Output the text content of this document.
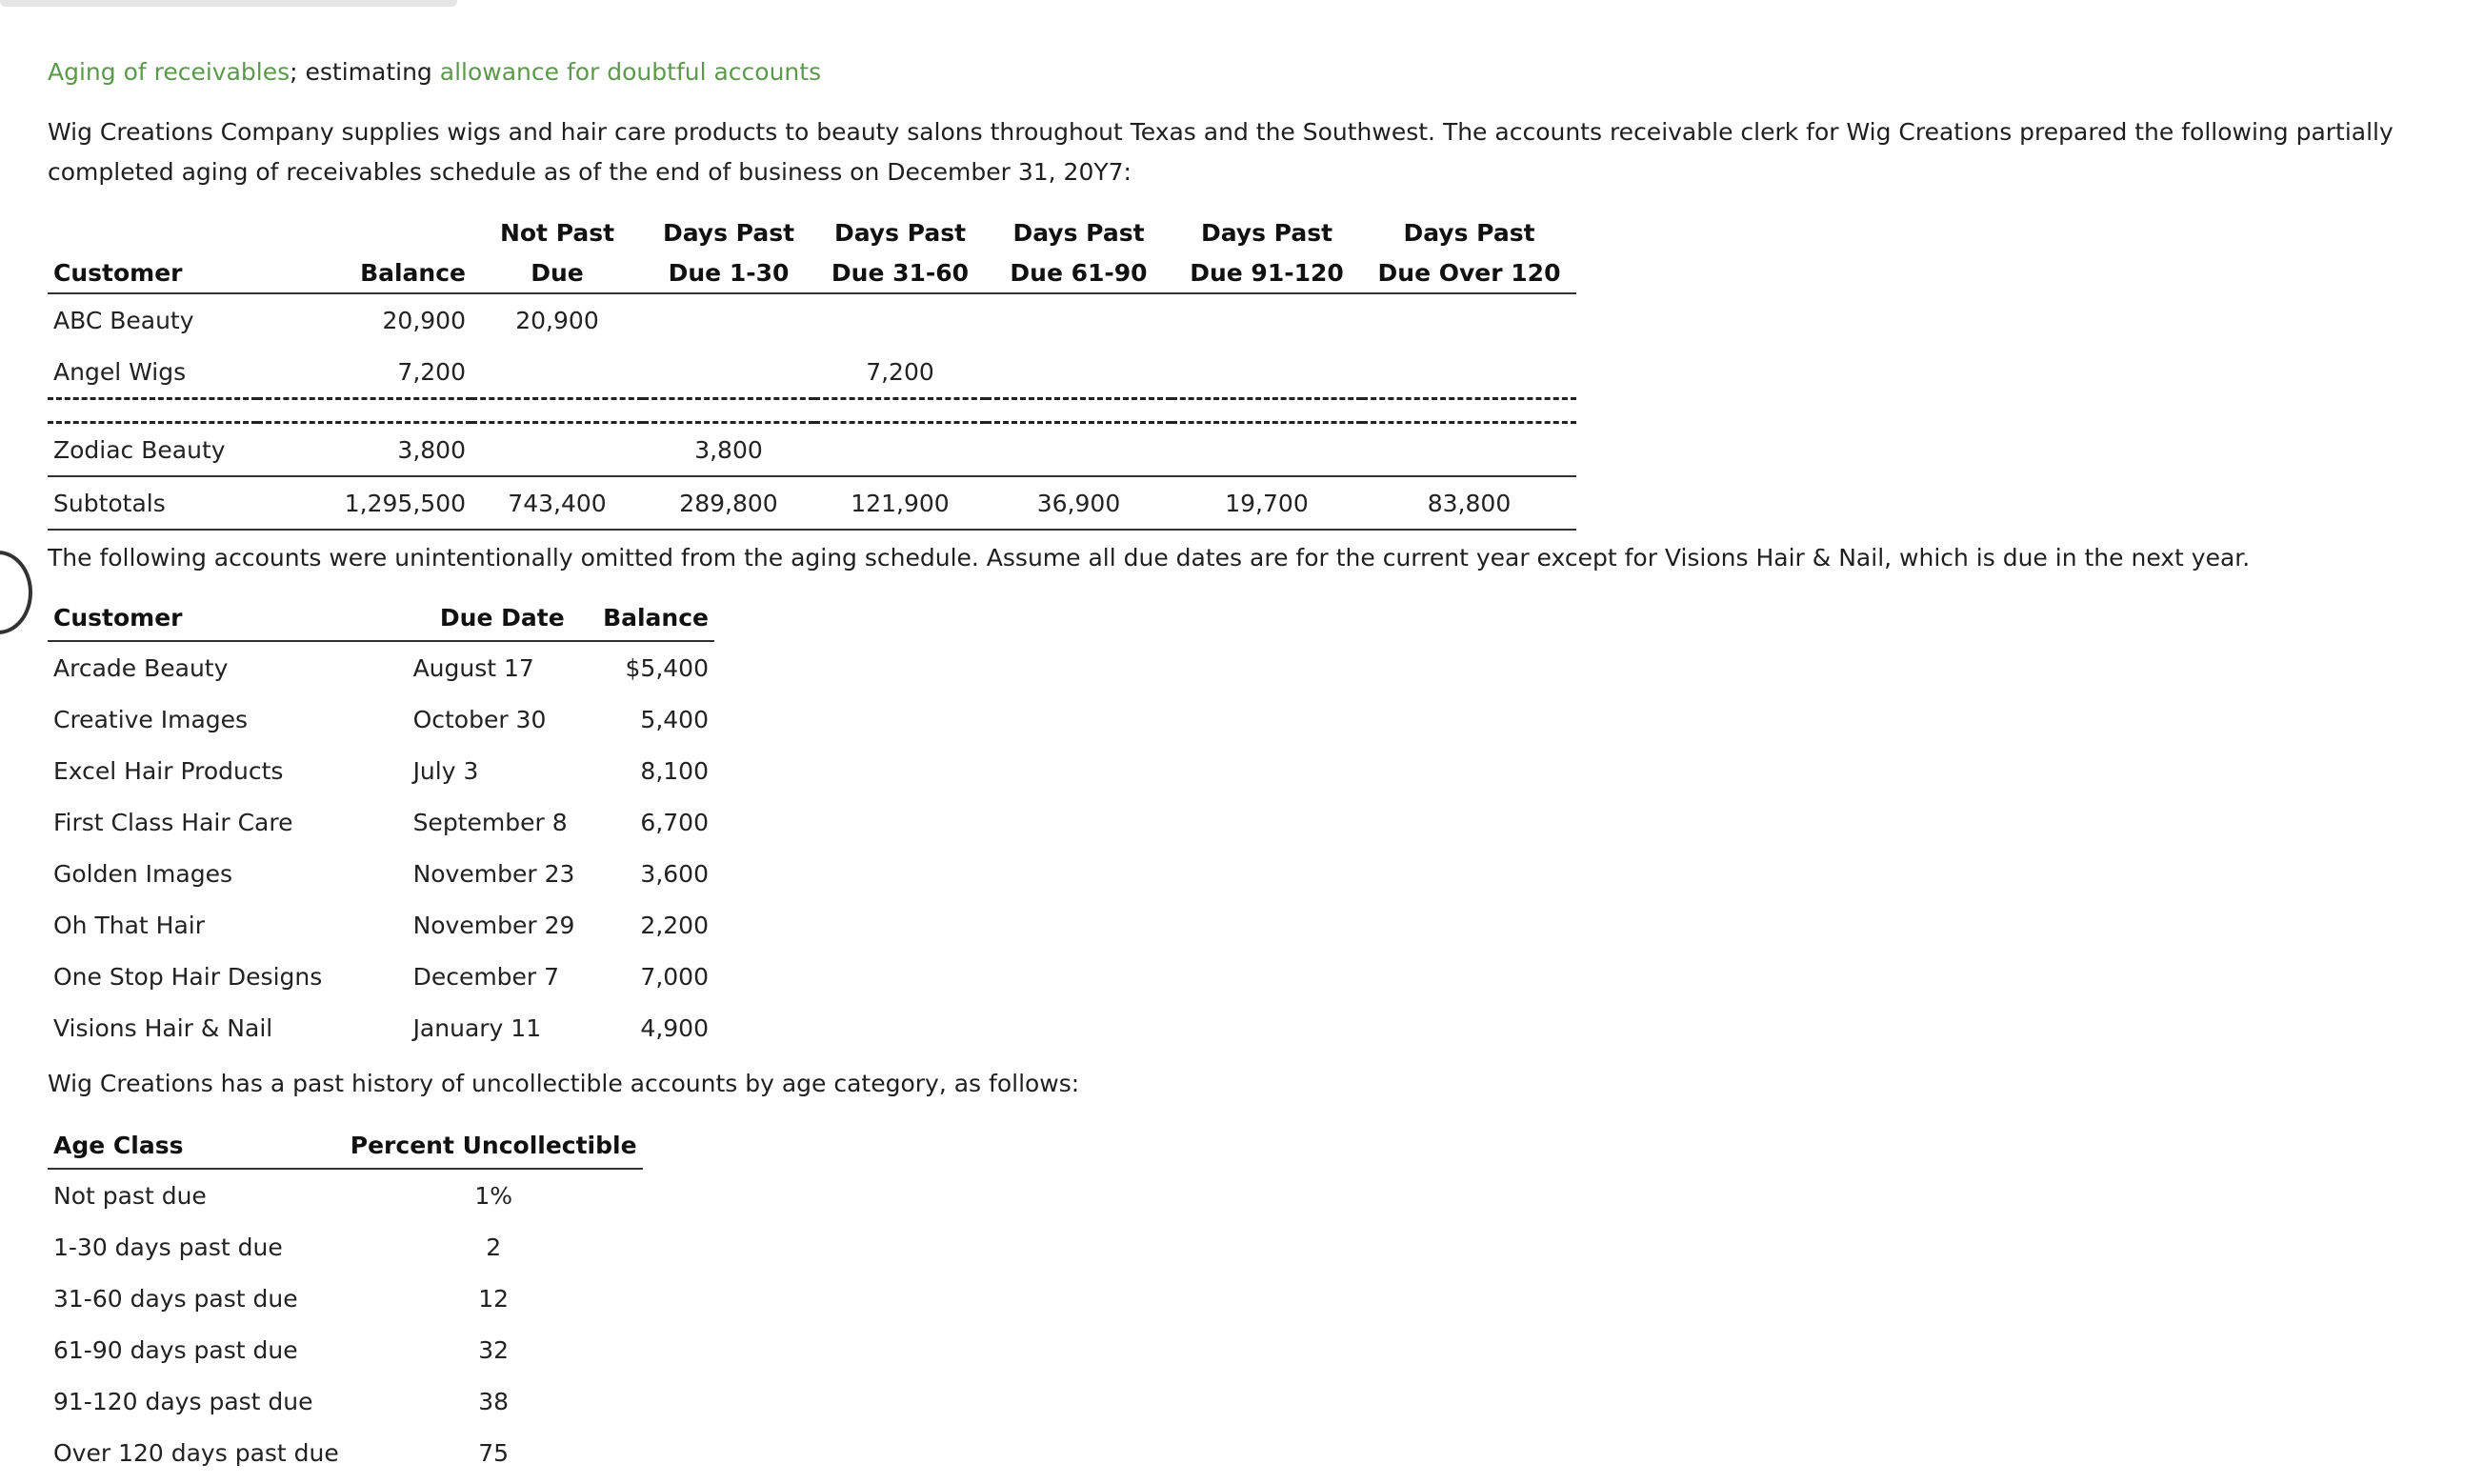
Aging of receivables; estimating allowance for doubtful accounts
Wig Creations Company supplies wigs and hair care products to beauty salons throughout Texas and the Southwest. The accounts receivable clerk for Wig Creations prepared the following partially completed aging of receivables schedule as of the end of business on December 31, 20Y7:
		Not Past	Days Past	Days Past	Days Past	Days Past	Days Past
Customer	Balance	Due	Due 1-30	Due 31-60	Due 61-90	Due 91-120	Due Over 120
ABC Beauty	20,900	20,900					
Angel Wigs	7,200			7,200			

Zodiac Beauty	3,800		3,800				
Subtotals	1,295,500	743,400	289,800	121,900	36,900	19,700	83,800
The following accounts were unintentionally omitted from the aging schedule. Assume all due dates are for the current year except for Visions Hair & Nail, which is due in the next year.
Customer	Due Date	Balance
Arcade Beauty	August 17	$5,400
Creative Images	October 30	5,400
Excel Hair Products	July 3	8,100
First Class Hair Care	September 8	6,700
Golden Images	November 23	3,600
Oh That Hair	November 29	2,200
One Stop Hair Designs	December 7	7,000
Visions Hair & Nail	January 11	4,900
Wig Creations has a past history of uncollectible accounts by age category, as follows:
Age Class	Percent Uncollectible
Not past due	1%
1-30 days past due	2
31-60 days past due	12
61-90 days past due	32
91-120 days past due	38
Over 120 days past due	75
